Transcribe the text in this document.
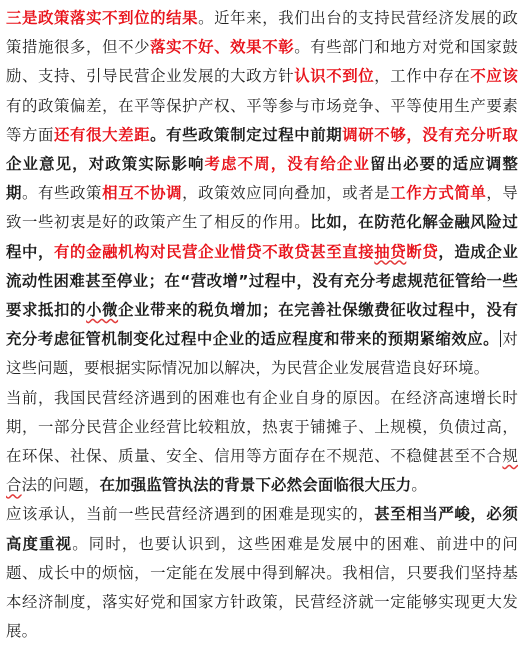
三是政策落实不到位的结果。近年来，我们出台的支持民营经济发展的政策措施很多，但不少落实不好、效果不彰。有些部门和地方对党和国家鼓励、支持、引导民营企业发展的大政方针认识不到位，工作中存在不应该有的政策偏差，在平等保护产权、平等参与市场竞争、平等使用生产要素等方面还有很大差距。有些政策制定过程中前期调研不够，没有充分听取企业意见，对政策实际影响考虑不周，没有给企业留出必要的适应调整期。有些政策相互不协调，政策效应同向叠加，或者是工作方式简单，导致一些初衷是好的政策产生了相反的作用。比如，在防范化解金融风险过程中，有的金融机构对民营企业惜贷不敢贷甚至直接抽贷断贷，造成企业流动性困难甚至停业；在“营改增”过程中，没有充分考虑规范征管给一些要求抵扣的小微企业带来的税负增加；在完善社保缴费征收过程中，没有充分考虑征管机制变化过程中企业的适应程度和带来的预期紧缩效应。 对这些问题，要根据实际情况加以解决，为民营企业发展营造良好环境。

当前，我国民营经济遇到的困难也有企业自身的原因。在经济高速增长时期，一部分民营企业经营比较粗放，热衷于铺摊子、上规模，负债过高，在环保、社保、质量、安全、信用等方面存在不规范、不稳健甚至不合规合法的问题，在加强监管执法的背景下必然会面临很大压力。

应该承认，当前一些民营经济遇到的困难是现实的，甚至相当严峻，必须高度重视。同时，也要认识到，这些困难是发展中的困难、前进中的问题、成长中的烦恼，一定能在发展中得到解决。我相信，只要我们坚持基本经济制度，落实好党和国家方针政策，民营经济就一定能够实现更大发展。
